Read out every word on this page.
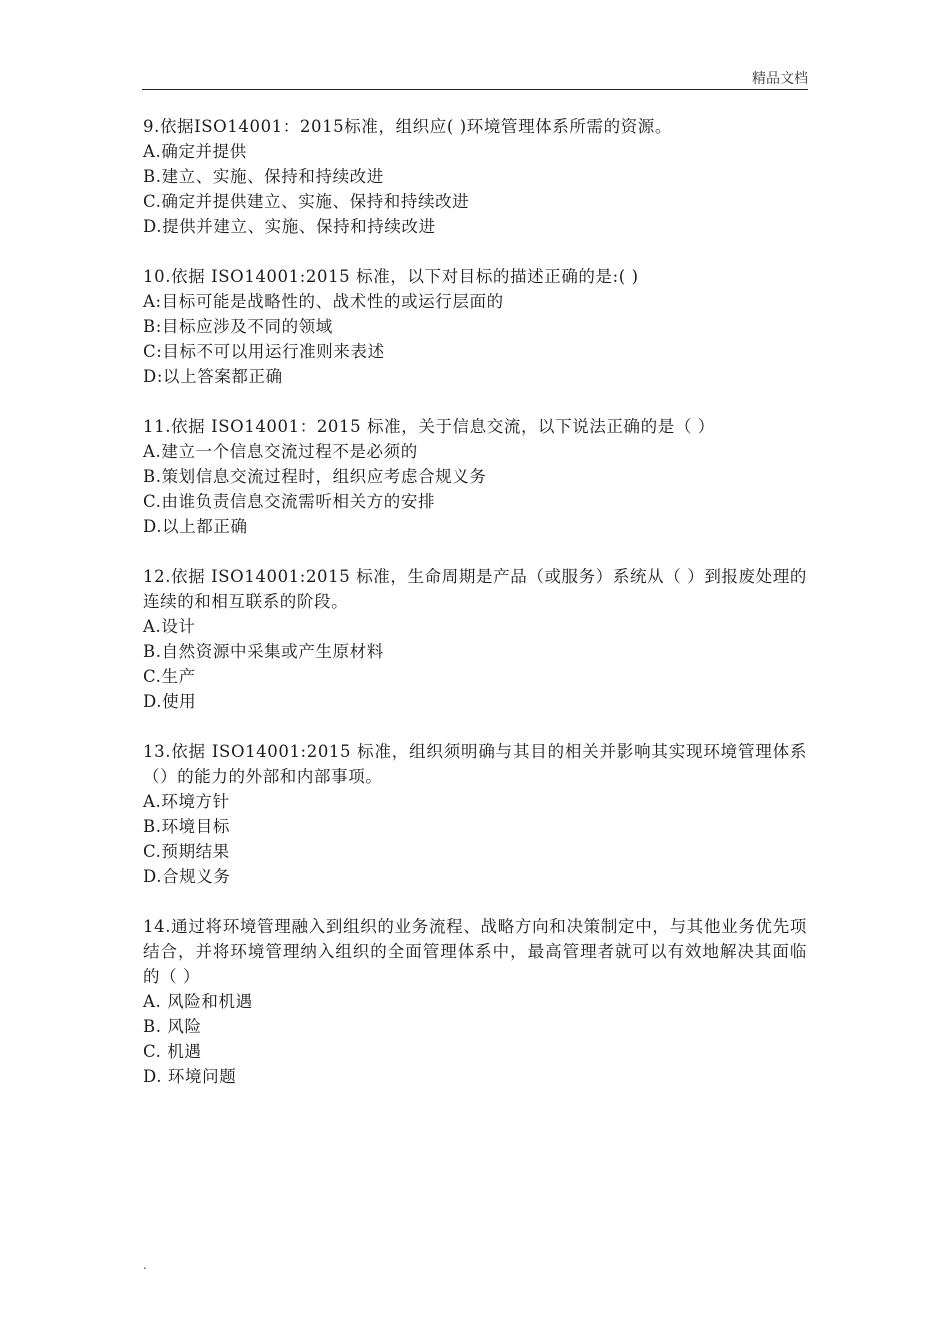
精品文档

9.依据ISO14001：2015标准，组织应( )环境管理体系所需的资源。

A.确定并提供

B.建立、实施、保持和持续改进

C.确定并提供建立、实施、保持和持续改进

D.提供并建立、实施、保持和持续改进

10.依据 ISO14001:2015 标准，以下对目标的描述正确的是:( )

A:目标可能是战略性的、战术性的或运行层面的

B:目标应涉及不同的领域

C:目标不可以用运行准则来表述

D:以上答案都正确

11.依据 ISO14001：2015 标准，关于信息交流，以下说法正确的是（ ）

A.建立一个信息交流过程不是必须的

B.策划信息交流过程时，组织应考虑合规义务

C.由谁负责信息交流需听相关方的安排

D.以上都正确

12.依据 ISO14001:2015 标准，生命周期是产品（或服务）系统从（ ）到报废处理的连续的和相互联系的阶段。

A.设计

B.自然资源中采集或产生原材料

C.生产

D.使用

13.依据 ISO14001:2015 标准，组织须明确与其目的相关并影响其实现环境管理体系（）的能力的外部和内部事项。

A.环境方针

B.环境目标

C.预期结果

D.合规义务

14.通过将环境管理融入到组织的业务流程、战略方向和决策制定中，与其他业务优先项结合，并将环境管理纳入组织的全面管理体系中，最高管理者就可以有效地解决其面临的（ ）

A. 风险和机遇

B. 风险

C. 机遇

D. 环境问题

.
